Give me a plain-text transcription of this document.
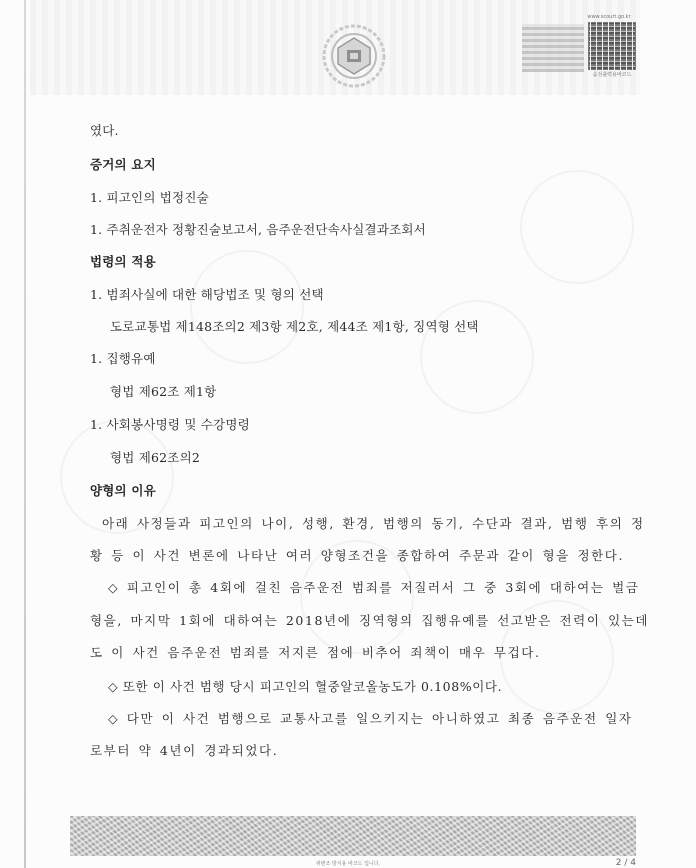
www.scourt.go.kr
음성출력용바코드
였다.
증거의 요지
1. 피고인의 법정진술
1. 주취운전자 정황진술보고서, 음주운전단속사실결과조회서
법령의 적용
1. 범죄사실에 대한 해당법조 및 형의 선택
도로교통법 제148조의2 제3항 제2호, 제44조 제1항, 징역형 선택
1. 집행유예
형법 제62조 제1항
1. 사회봉사명령 및 수강명령
형법 제62조의2
양형의 이유
아래 사정들과 피고인의 나이, 성행, 환경, 범행의 동기, 수단과 결과, 범행 후의 정
황 등 이 사건 변론에 나타난 여러 양형조건을 종합하여 주문과 같이 형을 정한다.
◇ 피고인이 총 4회에 걸친 음주운전 범죄를 저질러서 그 중 3회에 대하여는 벌금
형을, 마지막 1회에 대하여는 2018년에 징역형의 집행유예를 선고받은 전력이 있는데
도 이 사건 음주운전 범죄를 저지른 점에 비추어 죄책이 매우 무겁다.
◇ 또한 이 사건 범행 당시 피고인의 혈중알코올농도가 0.108%이다.
◇ 다만 이 사건 범행으로 교통사고를 일으키지는 아니하였고 최종 음주운전 일자
로부터 약 4년이 경과되었다.
위변조 방지용 바코드 입니다.	2 / 4
